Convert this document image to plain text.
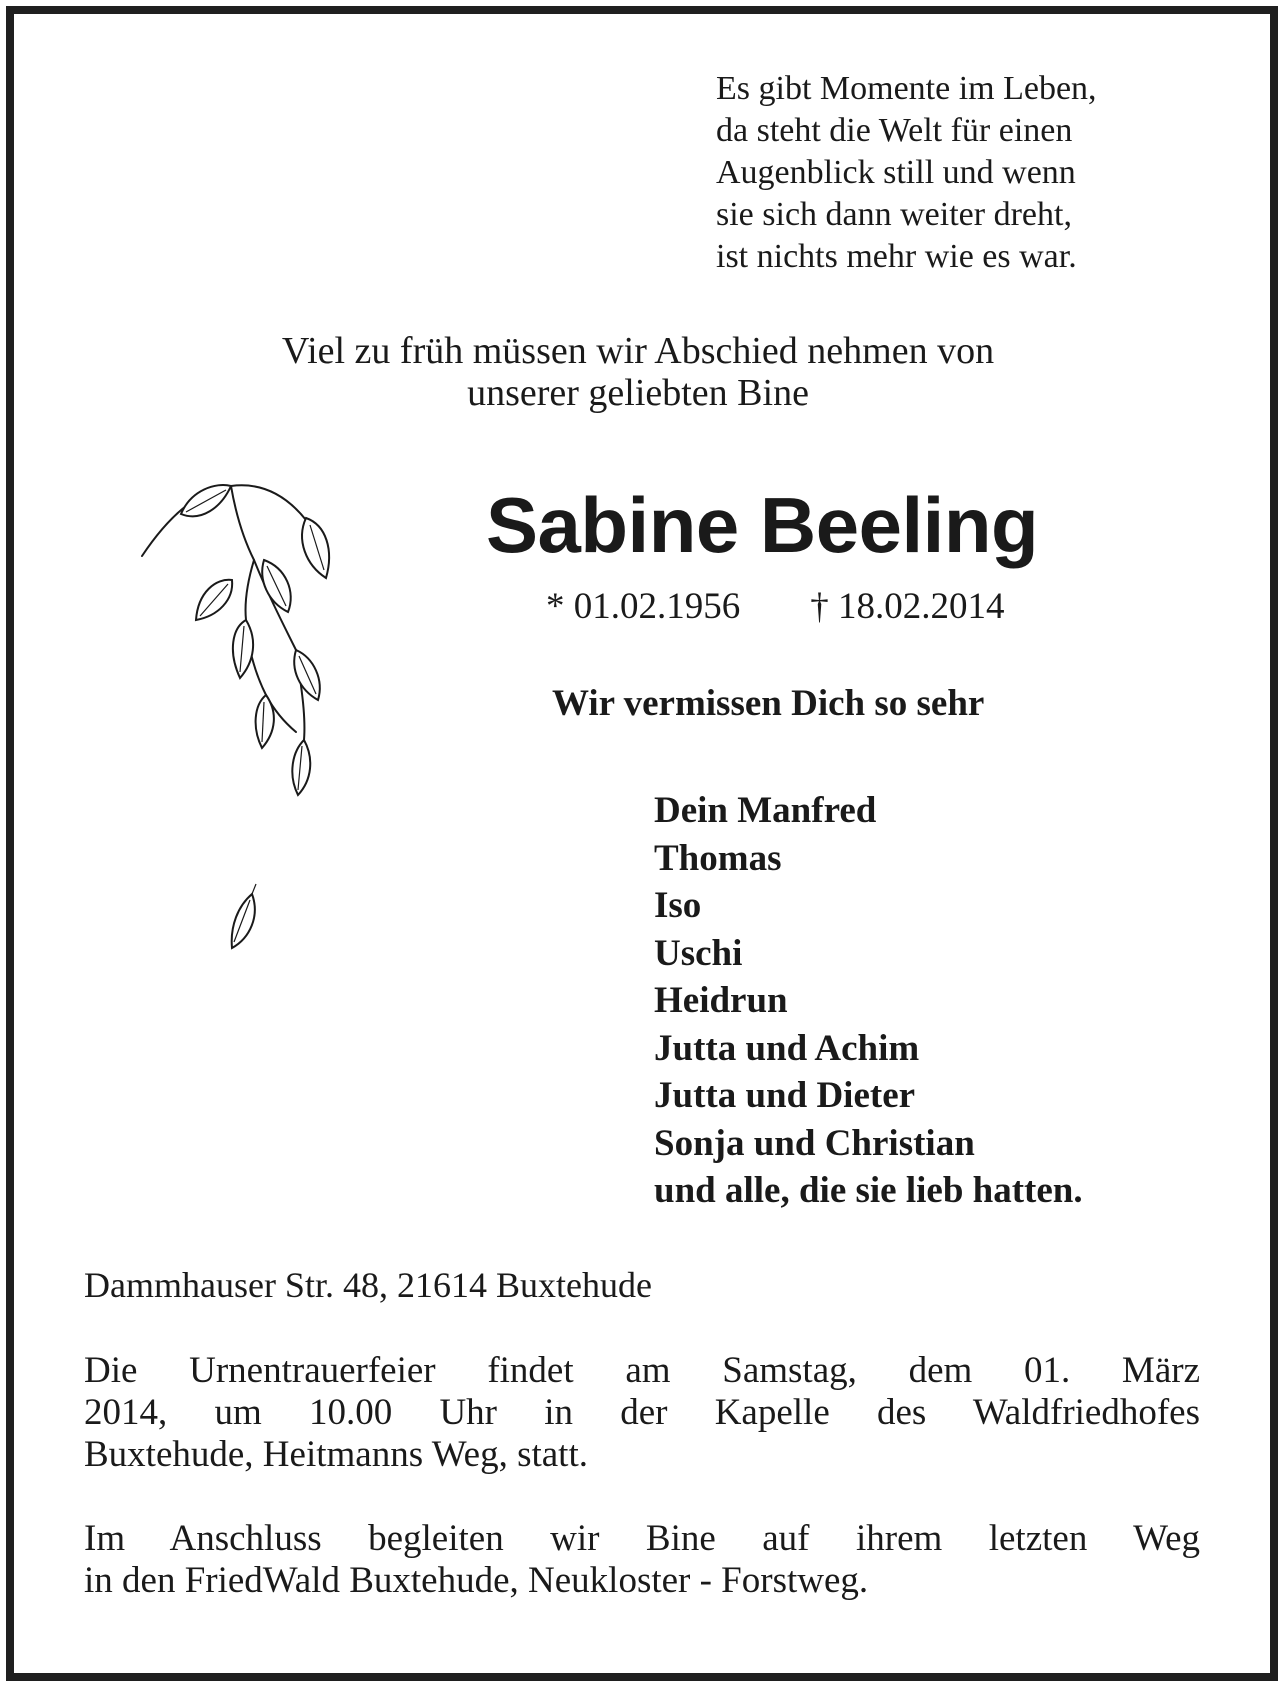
Es gibt Momente im Leben,
da steht die Welt für einen
Augenblick still und wenn
sie sich dann weiter dreht,
ist nichts mehr wie es war.
Viel zu früh müssen wir Abschied nehmen von
unserer geliebten Bine
Sabine Beeling
* 01.02.1956 † 18.02.2014
Wir vermissen Dich so sehr
Dein Manfred
Thomas
Iso
Uschi
Heidrun
Jutta und Achim
Jutta und Dieter
Sonja und Christian
und alle, die sie lieb hatten.
Dammhauser Str. 48, 21614 Buxtehude
Die Urnentrauerfeier findet am Samstag, dem 01. März
2014, um 10.00 Uhr in der Kapelle des Waldfriedhofes
Buxtehude, Heitmanns Weg, statt.
Im Anschluss begleiten wir Bine auf ihrem letzten Weg
in den FriedWald Buxtehude, Neukloster - Forstweg.
